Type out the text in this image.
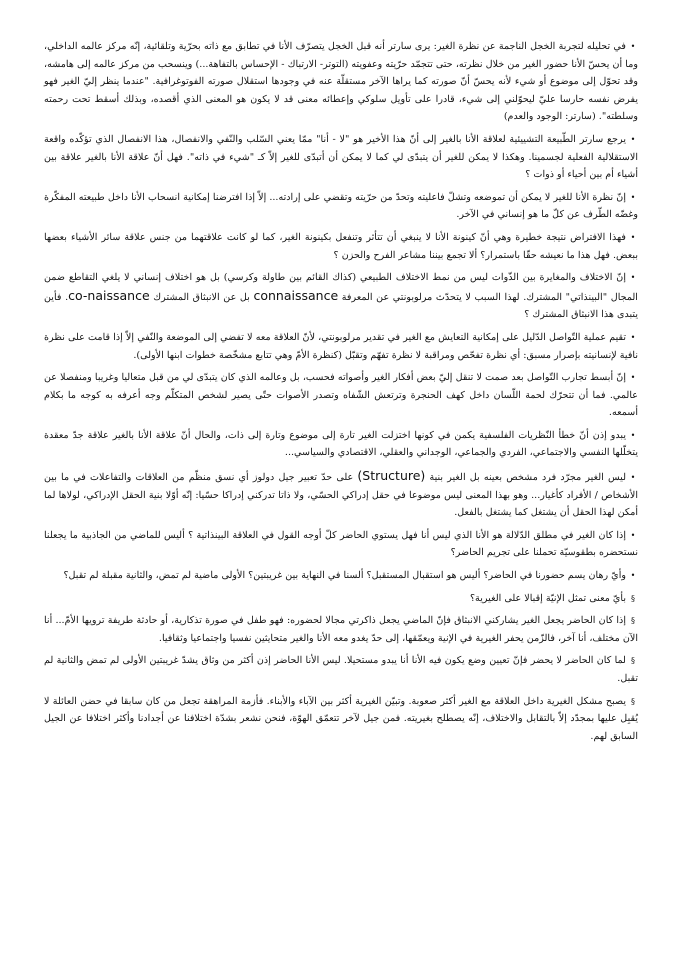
•في تحليله لتجربة الخجل الناجمة عن نظرة الغير: يرى سارتر أنه قبل الخجل يتصرّف الأنا في تطابق مع ذاته بحرّية وتلقائية، إنّه مركز عالمه الداخلي، وما أن يحسّ الأنا حضور الغير من خلال نظرته، حتى تتجمّد حرّيته وعفويته (التوتر- الارتباك - الإحساس بالتفاهة...) وينسحب من مركز عالمه إلى هامشه، وقد تحوّل إلى موضوع أو شيء لأنه يحسّ أنّ صورته كما يراها الآخر مستقلّة عنه في وجودها استقلال صورته الفوتوغرافية. "عندما ينظر إليّ الغير فهو يفرض نفسه حارسا عليّ ليحوّلني إلى شيء، قادرا على تأويل سلوكي وإعطائه معنى قد لا يكون هو المعنى الذي أقصده، وبذلك أسقط تحت رحمته وسلطته". (سارتر: الوجود والعدم)

•يرجع سارتر الطّبيعة التشييئية لعلاقة الأنا بالغير إلى أنّ هذا الأخير هو "لا - أنا" ممّا يعني السّلب والنّفي والانفصال، هذا الانفصال الذي تؤكّده واقعة الاستقلالية الفعلية لجسمينا. وهكذا لا يمكن للغير أن يتبدّى لي كما لا يمكن أن أتبدّى للغير إلاّ كـ "شيء في ذاته". فهل أنّ علاقة الأنا بالغير علاقة بين أشياء أم بين أحياء أو ذوات ؟

•إنّ نظرة الأنا للغير لا يمكن أن تموضعه وتشلّ فاعليته وتحدّ من حرّيته وتقضي على إرادته... إلاّ إذا افترضنا إمكانية انسحاب الأنا داخل طبيعته المفكّرة وغضّه الطّرف عن كلّ ما هو إنساني في الآخر.

•فهذا الافتراض نتيجة خطيرة وهي أنّ كينونة الأنا لا ينبغي أن تتأثر وتنفعل بكينونة الغير، كما لو كانت علاقتهما من جنس علاقة سائر الأشياء بعضها ببعض. فهل هذا ما نعيشه حقّا باستمرار؟ ألا تجمع بيننا مشاعر الفرح والحزن ؟

•إنّ الاختلاف والمغايرة بين الذّوات ليس من نمط الاختلاف الطبيعي (كذاك القائم بين طاولة وكرسي) بل هو اختلاف إنساني لا يلغي التقاطع ضمن المجال "البينذاتي" المشترك. لهذا السبب لا يتحدّث مرلوبونتي عن المعرفة connaissance بل عن الانبثاق المشترك co-naissance. فأين يتبدى هذا الانبثاق المشترك ؟

•تقيم عملية التّواصل الدّليل على إمكانية التعايش مع الغير في تقدير مرلوبونتي، لأنّ العلاقة معه لا تفضي إلى الموضعة والنّفي إلاّ إذا قامت على نظرة نافية لإنسانيته بإصرار مسبق: أي نظرة تفحّص ومراقبة لا نظرة تفهّم وتقبّل (كنظرة الأمّ وهي تتابع مشخّصة خطوات ابنها الأولى).

•إنّ أبسط تجارب التّواصل بعد صمت لا تنقل إليّ بعض أفكار الغير وأصواته فحسب، بل وعالمه الذي كان يتبدّى لي من قبل متعاليا وغريبا ومنفصلا عن عالمي. فما أن تتحرّك لحمة اللّسان داخل كهف الحنجرة وترتعش الشّفاه وتصدر الأصوات حتّى يصير لشخص المتكلّم وجه أعرفه به كوجه ما بكلام أسمعه.

•يبدو إذن أنّ خطأ النّظريات الفلسفية يكمن في كونها اختزلت الغير تارة إلى موضوع وتارة إلى ذات، والحال أنّ علاقة الأنا بالغير علاقة جدّ معقدة يتخلّلها النفسي والاجتماعي، الفردي والجماعي، الوجداني والعقلي، الاقتصادي والسياسي...

•ليس الغير مجرّد فرد مشخص بعينه بل الغير بنية (Structure) على حدّ تعبير جيل دولوز أي نسق منظّم من العلاقات والتفاعلات في ما بين الأشخاص / الأفراد كأغيار... وهو بهذا المعنى ليس موضوعا في حقل إدراكي الحسّي، ولا ذاتا تدركني إدراكا حسّيا: إنّه أوّلا بنية الحقل الإدراكي، لولاها لما أمكن لهذا الحقل أن يشتغل كما يشتغل بالفعل.

•إذا كان الغير في مطلق الدّلالة هو الأنا الذي ليس أنا فهل يستوي الحاضر كلّ أوجه القول في العلاقة البينذاتية ؟ أليس للماضي من الجاذبية ما يجعلنا نستحضره بطقوسيّة تحملنا على تجريم الحاضر؟

•وأيّ رهان يسم حضورنا في الحاضر؟ أليس هو استقبال المستقبل؟ ألسنا في النهاية بين غريبتين؟ الأولى ماضية لم تمض، والثانية مقبلة لم تقبل؟

§بأيّ معنى تمثل الإنيّة إقبالا على الغيرية؟

§إذا كان الحاضر يجعل الغير يشاركني الانبثاق فإنّ الماضي يجعل ذاكرتي مجالا لحضوره: فهو طفل في صورة تذكارية، أو حادثة طريفة ترويها الأمّ... أنا الآن مختلف، أنا آخر، فالزّمن يحفر الغيرية في الإنية ويعمّقها، إلى حدّ يغدو معه الأنا والغير متحايثين نفسيا واجتماعيا وثقافيا.

§لما كان الحاضر لا يحضر فإنّ تعيين وضع يكون فيه الأنا أنا يبدو مستحيلا. ليس الأنا الحاضر إذن أكثر من وثاق يشدّ غريبتين الأولى لم تمض والثانية لم تقبل.

§يصبح مشكل الغيرية داخل العلاقة مع الغير أكثر صعوبة. وتبيّن الغيرية أكثر بين الآباء والأبناء. فأزمة المراهقة تجعل من كان سابقا في حضن العائلة لا يُقبِل عليها بمجدّد إلاّ بالتقابل والاختلاف، إنّه يصطلح بغيريته. فمن جيل لآخر تتعمّق الهوّة، فنحن نشعر بشدّة اختلافنا عن أجدادنا وأكثر اختلافا عن الجيل السابق لهم.
